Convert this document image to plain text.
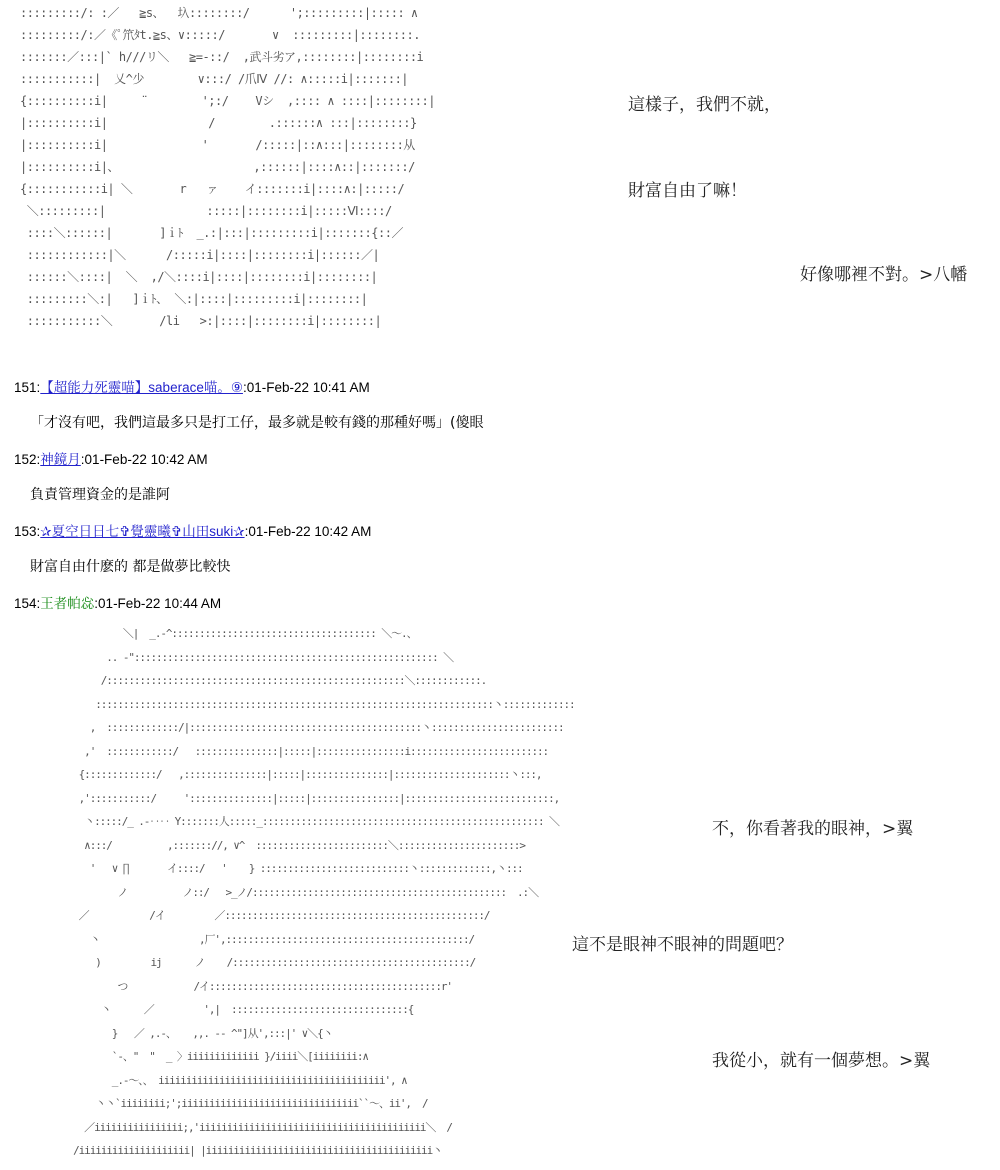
:::::::::/: :／   ≧s、  圦::::::::/      ';:::::::::|::::: ∧
:::::::::/:／《ﾟ笊ﾀt.≧s、∨:::::/       ∨  :::::::::|::::::::.
:::::::／:::|` h///リ＼   ≧=-::/  ,武斗劣ア,::::::::|::::::::i
:::::::::::|  乂^少        ∨:::/ /爪Ⅳ //: ∧:::::i|:::::::|
{::::::::::i|     ¨        ';:/    Vシ  ,:::: ∧ ::::|::::::::|
|::::::::::i|               /        .::::::∧ :::|::::::::}
|::::::::::i|              '       /:::::|::∧:::|::::::::从
|::::::::::i|、                    ,::::::|::::∧::|:::::::/
{:::::::::::i| ＼       r   ァ    イ:::::::i|::::∧:|:::::/
＼:::::::::|               :::::|::::::::i|:::::Ⅵ::::/
::::＼::::::|       ]ｉﾄ  _.:|:::|:::::::::i|:::::::{::／
::::::::::::|＼      /:::::i|::::|::::::::i|::::::／|
::::::＼::::|  ＼  ,/＼::::i|::::|::::::::i|::::::::|
:::::::::＼:|   ]ｉﾄ、 ＼:|::::|:::::::::i|::::::::|
:::::::::::＼       /li   >:|::::|::::::::i|::::::::|
這樣子，我們不就，
財富自由了嘛！
好像哪裡不對。>八幡
151:【超能力死靈喵】saberace喵。⑨:01-Feb-22 10:41 AM
「才沒有吧，我們這最多只是打工仔，最多就是較有錢的那種好嗎」(傻眼
152:神鏡月:01-Feb-22 10:42 AM
負責管理資金的是誰阿
153:✰夏空日日七✞覺靈曦✞山田suki✰:01-Feb-22 10:42 AM
財富自由什麽的 都是做夢比較快
154:王者帕惢:01-Feb-22 10:44 AM
＼|  _.-^::::::::::::::::::::::::::::::::::::: ＼〜.、
.. -"::::::::::::::::::::::::::::::::::::::::::::::::::::::: ＼
/::::::::::::::::::::::::::::::::::::::::::::::::::::::＼::::::::::::.
::::::::::::::::::::::::::::::::::::::::::::::::::::::::::::::::::::::::丶:::::::::::::
,  :::::::::::::/|::::::::::::::::::::::::::::::::::::::::::丶::::::::::::::::::::::::
,'  ::::::::::::/   :::::::::::::::|:::::|::::::::::::::::i:::::::::::::::::::::::::
{:::::::::::::/   ,:::::::::::::::|:::::|:::::::::::::::|:::::::::::::::::::::丶:::,
,':::::::::::/     ':::::::::::::::|:::::|::::::::::::::::|:::::::::::::::::::::::::::,
丶:::::/_ .-‥‥ Y:::::::人:::::_::::::::::::::::::::::::::::::::::::::::::::::::::: ＼
∧:::/          ,::::::://, ∨^  ::::::::::::::::::::::::＼::::::::::::::::::::::>
'   ∨ ∏       イ::::/   '    } :::::::::::::::::::::::::::丶:::::::::::::,丶:::
ノ          ノ::/   >_ノ/::::::::::::::::::::::::::::::::::::::::::::::  .:＼
／           /イ         ／:::::::::::::::::::::::::::::::::::::::::::::::/
丶                  ,厂',::::::::::::::::::::::::::::::::::::::::::::/
)         ij      ノ    /:::::::::::::::::::::::::::::::::::::::::::/
つ            /イ::::::::::::::::::::::::::::::::::::::::::r'
丶      ／         ',|  ::::::::::::::::::::::::::::::::{
}   ／ ,.-、   ,,. -- ^"]从',:::|' ∨＼{丶
`-、"  "  _ 〉iiiiiiiiiiiii }/iiii＼[iiiiiiii:∧
_.-〜、、 iiiiiiiiiiiiiiiiiiiiiiiiiiiiiiiiiiiiiiiii', ∧
丶丶`iiiiiiii;';iiiiiiiiiiiiiiiiiiiiiiiiiiiiiiii``〜、ii',  /
／iiiiiiiiiiiiiiii;,'iiiiiiiiiiiiiiiiiiiiiiiiiiiiiiiiiiiiiiiii＼  /
/iiiiiiiiiiiiiiiiiiii| |iiiiiiiiiiiiiiiiiiiiiiiiiiiiiiiiiiiiiiiii丶
不，你看著我的眼神，>翼
這不是眼神不眼神的問題吧？
我從小，就有一個夢想。>翼
